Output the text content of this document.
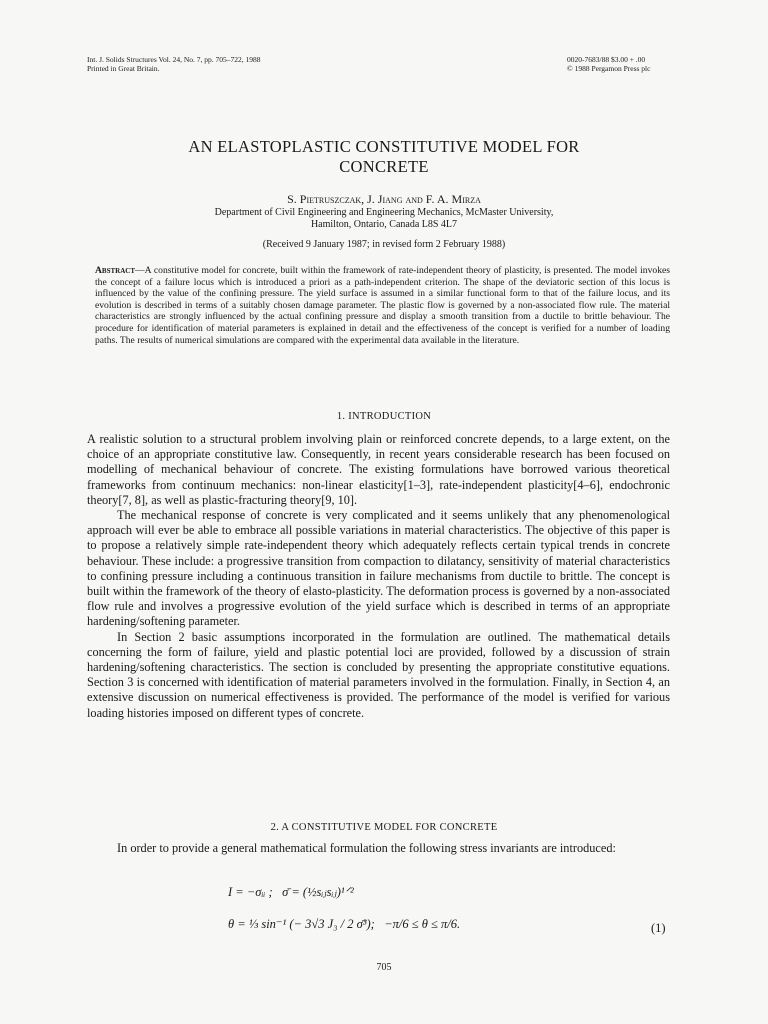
Int. J. Solids Structures Vol. 24, No. 7, pp. 705–722, 1988
Printed in Great Britain.
0020-7683/88 $3.00 + .00
© 1988 Pergamon Press plc
AN ELASTOPLASTIC CONSTITUTIVE MODEL FOR
CONCRETE
S. Pietruszczak, J. Jiang and F. A. Mirza
Department of Civil Engineering and Engineering Mechanics, McMaster University,
Hamilton, Ontario, Canada L8S 4L7
(Received 9 January 1987; in revised form 2 February 1988)
Abstract—A constitutive model for concrete, built within the framework of rate-independent theory of plasticity, is presented. The model invokes the concept of a failure locus which is introduced a priori as a path-independent criterion. The shape of the deviatoric section of this locus is influenced by the value of the confining pressure. The yield surface is assumed in a similar functional form to that of the failure locus, and its evolution is described in terms of a suitably chosen damage parameter. The plastic flow is governed by a non-associated flow rule. The material characteristics are strongly influenced by the actual confining pressure and display a smooth transition from a ductile to brittle behaviour. The procedure for identification of material parameters is explained in detail and the effectiveness of the concept is verified for a number of loading paths. The results of numerical simulations are compared with the experimental data available in the literature.
1. INTRODUCTION

A realistic solution to a structural problem involving plain or reinforced concrete depends, to a large extent, on the choice of an appropriate constitutive law. Consequently, in recent years considerable research has been focused on modelling of mechanical behaviour of concrete. The existing formulations have borrowed various theoretical frameworks from continuum mechanics: non-linear elasticity[1–3], rate-independent plasticity[4–6], endochronic theory[7, 8], as well as plastic-fracturing theory[9, 10].

The mechanical response of concrete is very complicated and it seems unlikely that any phenomenological approach will ever be able to embrace all possible variations in material characteristics. The objective of this paper is to propose a relatively simple rate-independent theory which adequately reflects certain typical trends in concrete behaviour. These include: a progressive transition from compaction to dilatancy, sensitivity of material characteristics to confining pressure including a continuous transition in failure mechanisms from ductile to brittle. The concept is built within the framework of the theory of elasto-plasticity. The deformation process is governed by a non-associated flow rule and involves a progressive evolution of the yield surface which is described in terms of an appropriate hardening/softening parameter.

In Section 2 basic assumptions incorporated in the formulation are outlined. The mathematical details concerning the form of failure, yield and plastic potential loci are provided, followed by a discussion of strain hardening/softening characteristics. The section is concluded by presenting the appropriate constitutive equations. Section 3 is concerned with identification of material parameters involved in the formulation. Finally, in Section 4, an extensive discussion on numerical effectiveness is provided. The performance of the model is verified for various loading histories imposed on different types of concrete.

2. A CONSTITUTIVE MODEL FOR CONCRETE

In order to provide a general mathematical formulation the following stress invariants are introduced:

I = −σᵢᵢ ;   σ̄ = (½sᵢⱼsᵢⱼ)¹ᐟ²
θ = ⅓ sin⁻¹ (− 3√3 J₃ / 2 σ̄³);   −π/6 ≤ θ ≤ π/6.	(1)
705
